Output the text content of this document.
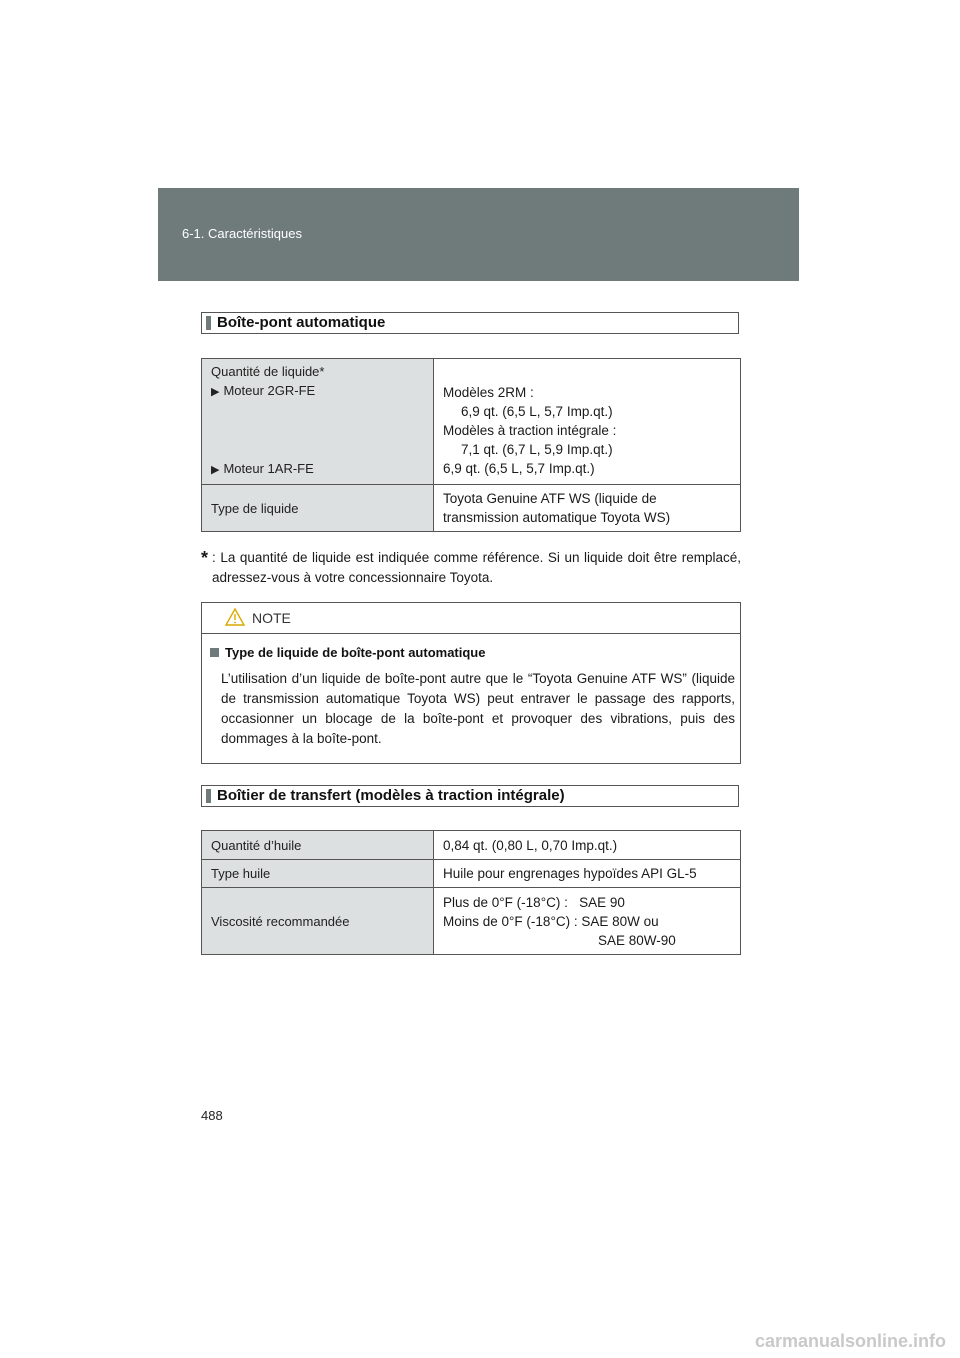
6-1. Caractéristiques
Boîte-pont automatique
Quantité de liquide*
▶ Moteur 2GR-FE
▶ Moteur 1AR-FE	Modèles 2RM :
6,9 qt. (6,5 L, 5,7 Imp.qt.)
Modèles à traction intégrale :
7,1 qt. (6,7 L, 5,9 Imp.qt.)
6,9 qt. (6,5 L, 5,7 Imp.qt.)

Type de liquide	Toyota Genuine ATF WS (liquide de
transmission automatique Toyota WS)
* : La quantité de liquide est indiquée comme référence. Si un liquide doit être remplacé, adressez-vous à votre concessionnaire Toyota.
NOTE
Type de liquide de boîte-pont automatique
L’utilisation d’un liquide de boîte-pont autre que le “Toyota Genuine ATF WS” (liquide de transmission automatique Toyota WS) peut entraver le passage des rapports, occasionner un blocage de la boîte-pont et provoquer des vibrations, puis des dommages à la boîte-pont.
Boîtier de transfert (modèles à traction intégrale)
Quantité d’huile	0,84 qt. (0,80 L, 0,70 Imp.qt.)
Type huile	Huile pour engrenages hypoïdes API GL-5
Viscosité recommandée	Plus de 0°F (-18°C) :   SAE 90
Moins de 0°F (-18°C) : SAE 80W ou
SAE 80W-90
488
carmanualsonline.info
